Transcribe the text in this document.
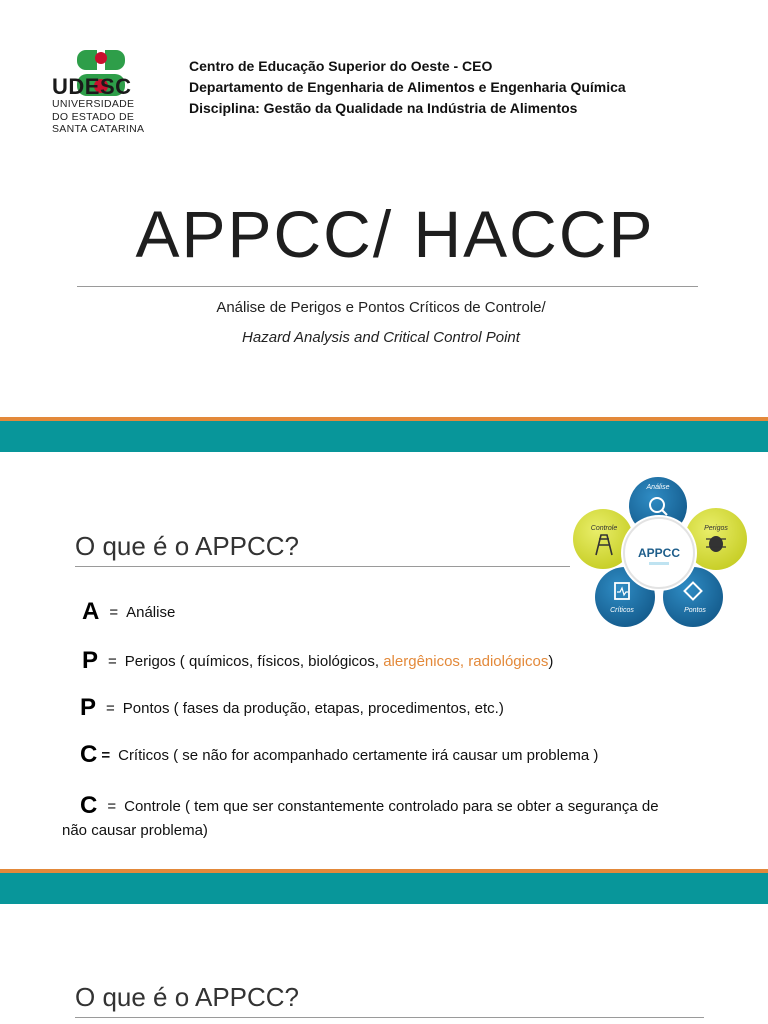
UDESC
UNIVERSIDADE
DO ESTADO DE
SANTA CATARINA
Centro de Educação Superior do Oeste - CEO
Departamento de Engenharia de Alimentos e Engenharia Química
Disciplina: Gestão da Qualidade na Indústria de Alimentos
APPCC/ HACCP
Análise de Perigos e Pontos Críticos de Controle/
Hazard Analysis and Critical Control Point
O que é o APPCC?
A = Análise
P = Perigos ( químicos, físicos, biológicos, alergênicos, radiológicos)
P = Pontos ( fases da produção, etapas, procedimentos, etc.)
C = Críticos ( se não for acompanhado certamente irá causar um problema )
C = Controle ( tem que ser constantemente controlado para se obter a segurança de
não causar problema)
Análise
Perigos
Pontos
Críticos
Controle
APPCC
O que é o APPCC?
